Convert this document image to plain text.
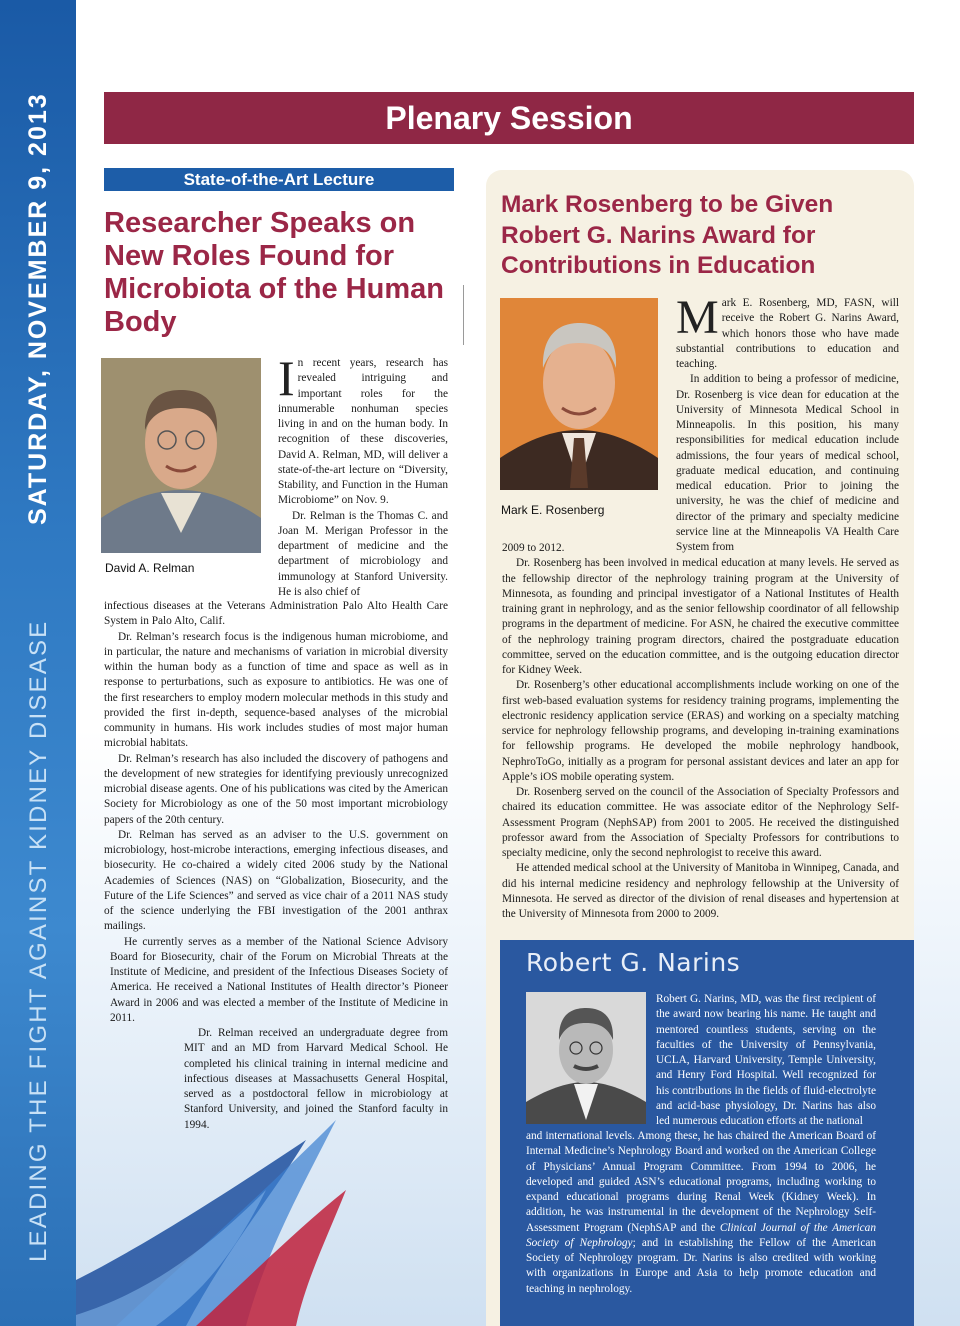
SATURDAY, NOVEMBER 9, 2013
LEADING THE FIGHT AGAINST KIDNEY DISEASE
Plenary Session
State-of-the-Art Lecture
Researcher Speaks on New Roles Found for Microbiota of the Human Body
David A. Relman

In recent years, research has revealed intriguing and important roles for the innumerable nonhuman species living in and on the human body. In recognition of these discoveries, David A. Relman, MD, will deliver a state-of-the-art lecture on “Diversity, Stability, and Function in the Human Microbiome” on Nov. 9.

Dr. Relman is the Thomas C. and Joan M. Merigan Professor in the department of medicine and the department of microbiology and immunology at Stanford University. He is also chief of

infectious diseases at the Veterans Administration Palo Alto Health Care System in Palo Alto, Calif.

Dr. Relman’s research focus is the indigenous human microbiome, and in particular, the nature and mechanisms of variation in microbial diversity within the human body as a function of time and space as well as in response to perturbations, such as exposure to antibiotics. He was one of the first researchers to employ modern molecular methods in this study and provided the first in-depth, sequence-based analyses of the microbial community in humans. His work includes studies of most major human microbial habitats.

Dr. Relman’s research has also included the discovery of pathogens and the development of new strategies for identifying previously unrecognized microbial disease agents. One of his publications was cited by the American Society for Microbiology as one of the 50 most important microbiology papers of the 20th century.

Dr. Relman has served as an adviser to the U.S. government on microbiology, host-microbe interactions, emerging infectious diseases, and biosecurity. He co-chaired a widely cited 2006 study by the National Academies of Sciences (NAS) on “Globalization, Biosecurity, and the Future of the Life Sciences” and served as vice chair of a 2011 NAS study of the science underlying the FBI investigation of the 2001 anthrax mailings.

He currently serves as a member of the National Science Advisory Board for Biosecurity, chair of the Forum on Microbial Threats at the Institute of Medicine, and president of the Infectious Diseases Society of America. He received a National Institutes of Health director’s Pioneer Award in 2006 and was elected a member of the Institute of Medicine in 2011.

Dr. Relman received an undergraduate degree from MIT and an MD from Harvard Medical School. He completed his clinical training in internal medicine and infectious diseases at Massachusetts General Hospital, served as a postdoctoral fellow in microbiology at Stanford University, and joined the Stanford faculty in 1994.

Mark Rosenberg to be Given Robert G. Narins Award for Contributions in Education
Mark E. Rosenberg

Mark E. Rosenberg, MD, FASN, will receive the Robert G. Narins Award, which honors those who have made substantial contributions to education and teaching.

In addition to being a professor of medicine, Dr. Rosenberg is vice dean for education at the University of Minnesota Medical School in Minneapolis. In this position, his many responsibilities for medical education include admissions, the four years of medical school, graduate medical education, and continuing medical education. Prior to joining the university, he was the chief of medicine and director of the primary and specialty medicine service line at the Minneapolis VA Health Care System from

2009 to 2012.

Dr. Rosenberg has been involved in medical education at many levels. He served as the fellowship director of the nephrology training program at the University of Minnesota, as founding and principal investigator of a National Institutes of Health training grant in nephrology, and as the senior fellowship coordinator of all fellowship programs in the department of medicine. For ASN, he chaired the executive committee of the nephrology training program directors, chaired the postgraduate education committee, served on the education committee, and is the outgoing education director for Kidney Week.

Dr. Rosenberg’s other educational accomplishments include working on one of the first web-based evaluation systems for residency training programs, implementing the electronic residency application service (ERAS) and working on a specialty matching service for nephrology fellowship programs, and developing in-training examinations for fellowship programs. He developed the mobile nephrology handbook, NephroToGo, initially as a program for personal assistant devices and later an app for Apple’s iOS mobile operating system.

Dr. Rosenberg served on the council of the Association of Specialty Professors and chaired its education committee. He was associate editor of the Nephrology Self-Assessment Program (NephSAP) from 2001 to 2005. He received the distinguished professor award from the Association of Specialty Professors for contributions to specialty medicine, only the second nephrologist to receive this award.

He attended medical school at the University of Manitoba in Winnipeg, Canada, and did his internal medicine residency and nephrology fellowship at the University of Minnesota. He served as director of the division of renal diseases and hypertension at the University of Minnesota from 2000 to 2009.

Robert G. Narins

Robert G. Narins, MD, was the first recipient of the award now bearing his name. He taught and mentored countless students, serving on the faculties of the University of Pennsylvania, UCLA, Harvard University, Temple University, and Henry Ford Hospital. Well recognized for his contributions in the fields of fluid-electrolyte and acid-base physiology, Dr. Narins has also led numerous education efforts at the national

and international levels. Among these, he has chaired the American Board of Internal Medicine’s Nephrology Board and worked on the American College of Physicians’ Annual Program Committee. From 1994 to 2006, he developed and guided ASN’s educational programs, including working to expand educational programs during Renal Week (Kidney Week). In addition, he was instrumental in the development of the Nephrology Self-Assessment Program (NephSAP and the Clinical Journal of the American Society of Nephrology; and in establishing the Fellow of the American Society of Nephrology program. Dr. Narins is also credited with working with organizations in Europe and Asia to help promote education and teaching in nephrology.
